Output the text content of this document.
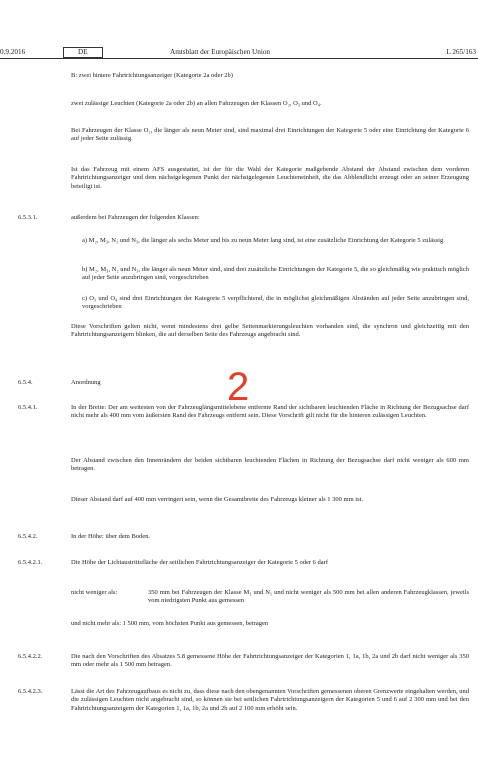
0.9.2016	DE	Amtsblatt der Europäischen Union	L 265/163
B: zwei hintere Fahrtrichtungsanzeiger (Kategorie 2a oder 2b)
zwei zulässige Leuchten (Kategorie 2a oder 2b) an allen Fahrzeugen der Klassen O₂, O₃ und O₄.
Bei Fahrzeugen der Klasse O₂, die länger als neun Meter sind, sind maximal drei Einrichtungen der Kategorie 5 oder eine Einrichtung der Kategorie 6 auf jeder Seite zulässig.
Ist das Fahrzeug mit einem AFS ausgestattet, ist der für die Wahl der Kategorie maßgebende Abstand der Abstand zwischen dem vorderen Fahrtrichtungsanzeiger und dem nächstgelegenen Punkt der nächstgelegenen Leuchteneinheit, die das Abblendlicht erzeugt oder an seiner Erzeugung beteiligt ist.
6.5.3.1.	außerdem bei Fahrzeugen der folgenden Klassen:
a) M₂, M₃, N₂ und N₃, die länger als sechs Meter und bis zu neun Meter lang sind, ist eine zusätzliche Einrichtung der Kategorie 5 zulässig
b) M₂, M₃, N₂ und N₃, die länger als neun Meter sind, sind drei zusätzliche Einrichtungen der Kategorie 5, die so gleichmäßig wie praktisch möglich auf jeder Seite anzubringen sind, vorgeschrieben
c) O₃ und O₄ sind drei Einrichtungen der Kategorie 5 verpflichtend, die in möglichst gleichmäßigen Abständen auf jeder Seite anzubringen sind, vorgeschrieben
Diese Vorschriften gelten nicht, wenn mindestens drei gelbe Seitenmarkierungsleuchten vorhanden sind, die synchron und gleichzeitig mit den Fahrtrichtungsanzeigern blinken, die auf derselben Seite des Fahrzeugs angebracht sind.
6.5.4.	Anordnung	2
6.5.4.1.	In der Breite: Der am weitesten von der Fahrzeuglängsmittelebene entfernte Rand der sichtbaren leuchtenden Fläche in Richtung der Bezugsachse darf nicht mehr als 400 mm vom äußersten Rand des Fahrzeugs entfernt sein. Diese Vorschrift gilt nicht für die hinteren zulässigen Leuchten.
Der Abstand zwischen den Innenrändern der beiden sichtbaren leuchtenden Flächen in Richtung der Bezugsachse darf nicht weniger als 600 mm betragen.
Dieser Abstand darf auf 400 mm verringert sein, wenn die Gesamtbreite des Fahrzeugs kleiner als 1 300 mm ist.
6.5.4.2.	In der Höhe: über dem Boden.
6.5.4.2.1.	Die Höhe der Lichtaustrittsfläche der seitlichen Fahrtrichtungsanzeiger der Kategorie 5 oder 6 darf
nicht weniger als:	350 mm bei Fahrzeugen der Klasse M₁ und N₁ und nicht weniger als 500 mm bei allen anderen Fahrzeugklassen, jeweils vom niedrigsten Punkt aus gemessen
und nicht mehr als: 1 500 mm, vom höchsten Punkt aus gemessen, betragen
6.5.4.2.2.	Die nach den Vorschriften des Absatzes 5.8 gemessene Höhe der Fahrtrichtungsanzeiger der Kategorien 1, 1a, 1b, 2a und 2b darf nicht weniger als 350 mm oder mehr als 1 500 mm betragen.
6.5.4.2.3.	Lässt die Art des Fahrzeugaufbaus es nicht zu, dass diese nach den obengenannten Vorschriften gemessenen oberen Grenzwerte eingehalten werden, und die zulässigen Leuchten nicht angebracht sind, so können sie bei seitlichen Fahrtrichtungsanzeigern der Kategorien 5 und 6 auf 2 300 mm und bei den Fahrtrichtungsanzeigern der Kategorien 1, 1a, 1b, 2a und 2b auf 2 100 mm erhöht sein.
